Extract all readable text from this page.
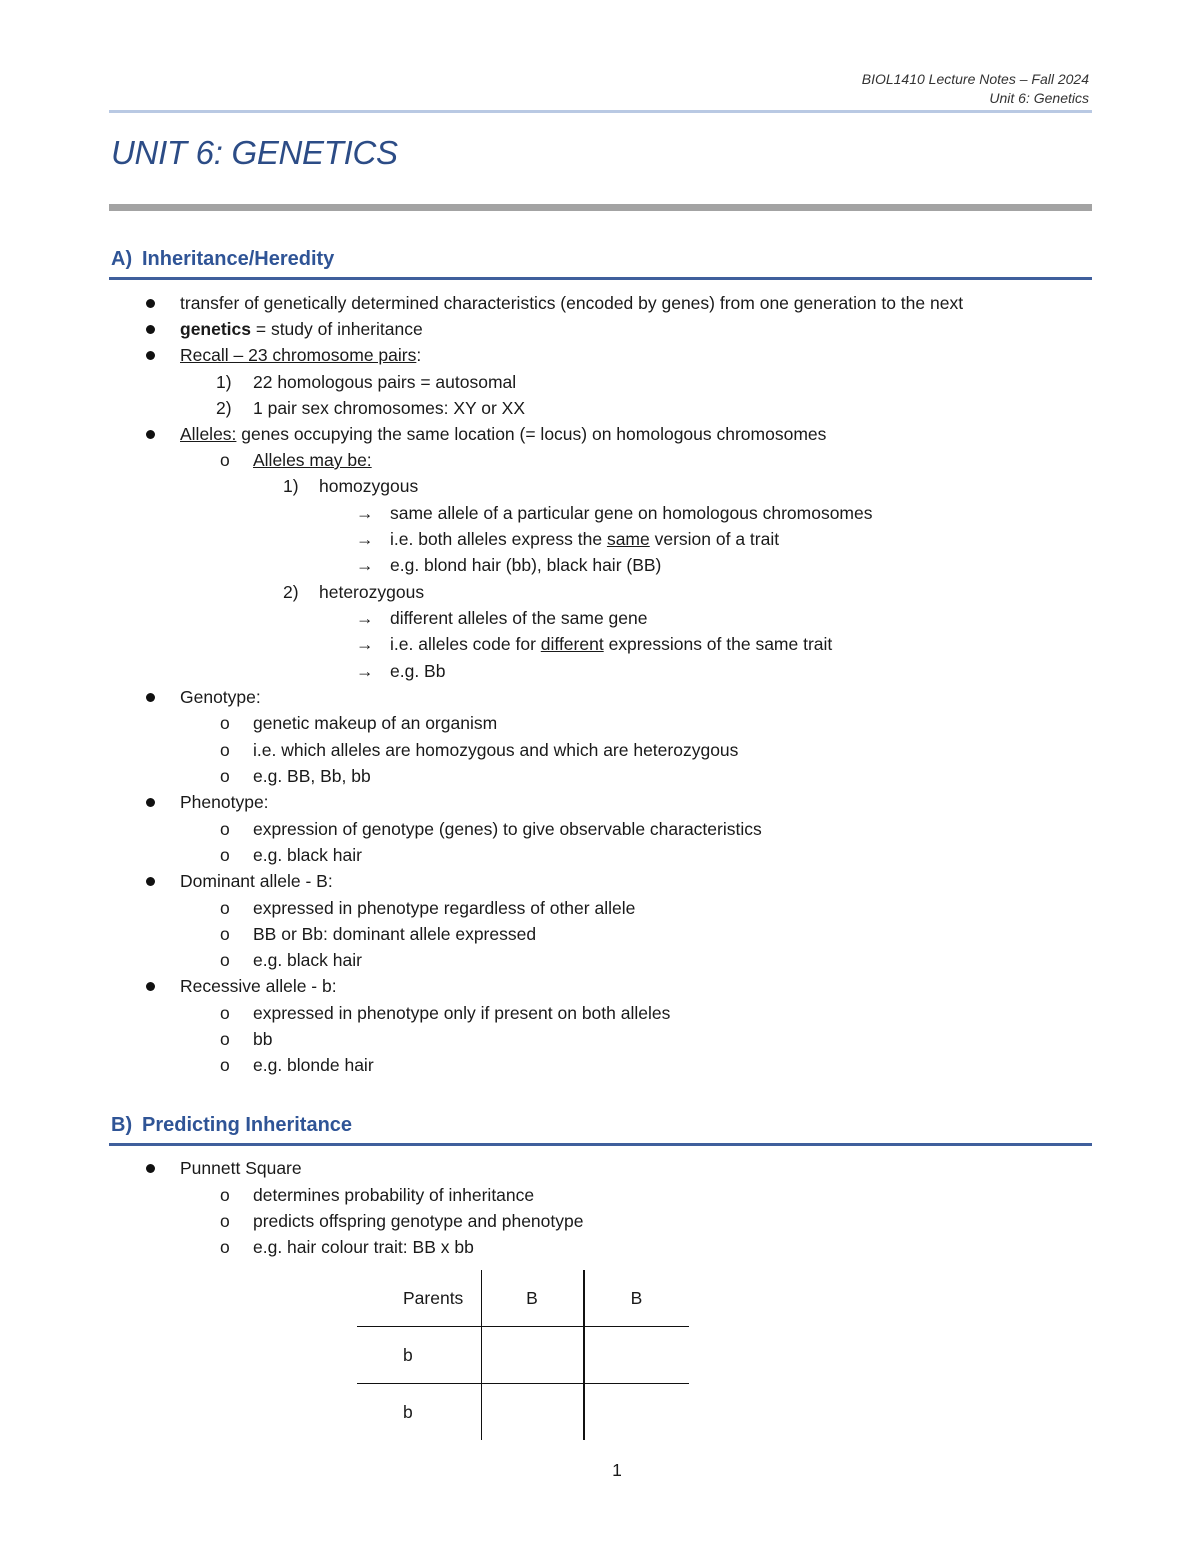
BIOL1410 Lecture Notes – Fall 2024
Unit 6: Genetics
UNIT 6: GENETICS
A) Inheritance/Heredity
transfer of genetically determined characteristics (encoded by genes) from one generation to the next
genetics = study of inheritance
Recall – 23 chromosome pairs:
1) 22 homologous pairs = autosomal
2) 1 pair sex chromosomes: XY or XX
Alleles: genes occupying the same location (= locus) on homologous chromosomes
o Alleles may be:
1) homozygous
→ same allele of a particular gene on homologous chromosomes
→ i.e. both alleles express the same version of a trait
→ e.g. blond hair (bb), black hair (BB)
2) heterozygous
→ different alleles of the same gene
→ i.e. alleles code for different expressions of the same trait
→ e.g. Bb
Genotype:
o genetic makeup of an organism
o i.e. which alleles are homozygous and which are heterozygous
o e.g. BB, Bb, bb
Phenotype:
o expression of genotype (genes) to give observable characteristics
o e.g. black hair
Dominant allele - B:
o expressed in phenotype regardless of other allele
o BB or Bb: dominant allele expressed
o e.g. black hair
Recessive allele - b:
o expressed in phenotype only if present on both alleles
o bb
o e.g. blonde hair
B) Predicting Inheritance
Punnett Square
o determines probability of inheritance
o predicts offspring genotype and phenotype
o e.g. hair colour trait: BB x bb
Parents	B	B
b		
b		
1
